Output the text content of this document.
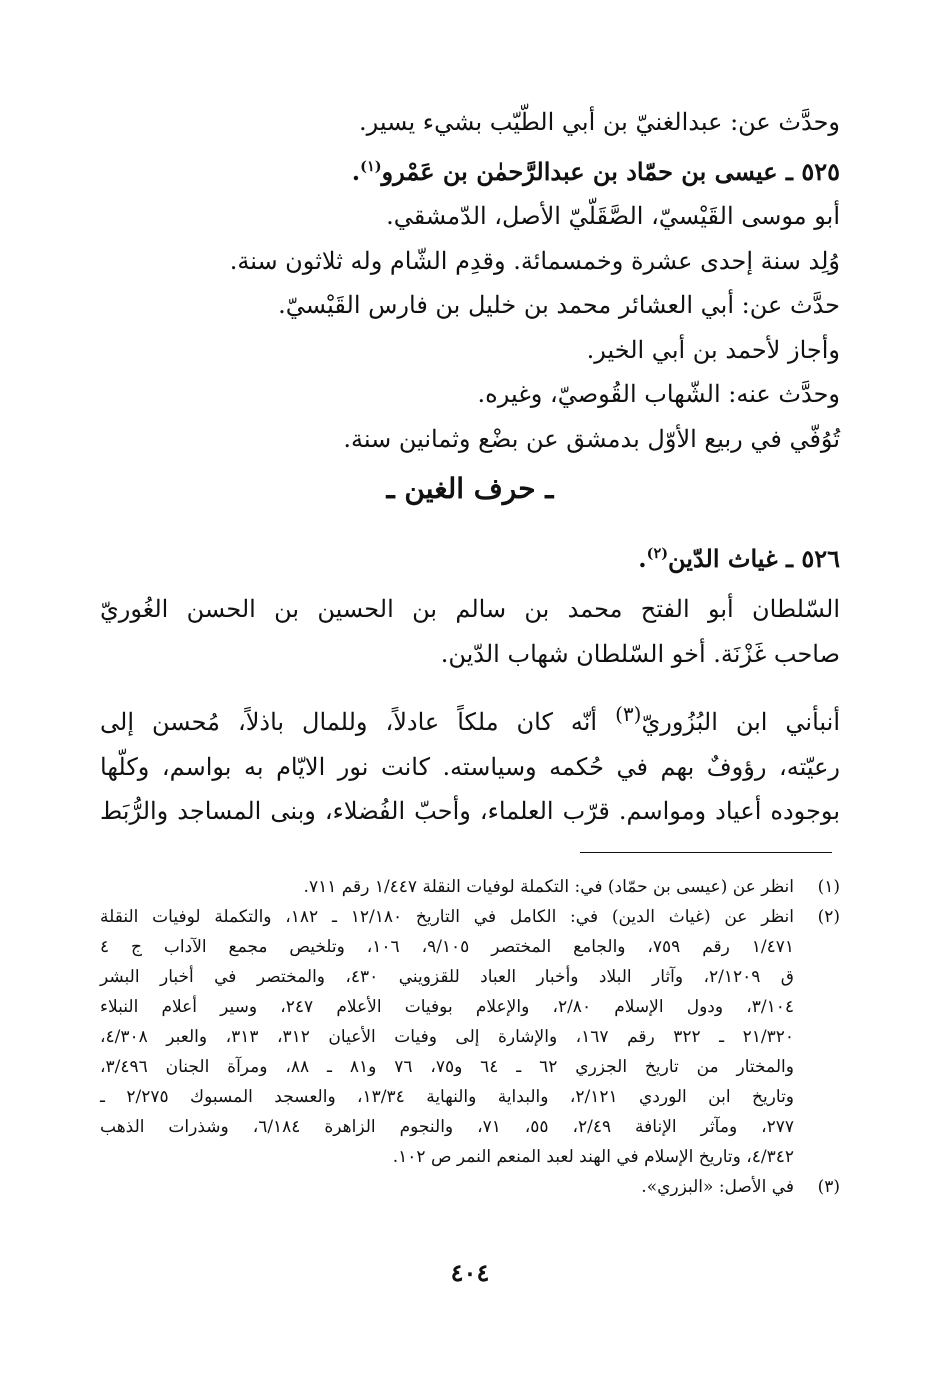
وحدَّث عن: عبدالغنيّ بن أبي الطّيّب بشيء يسير.
٥٢٥ ـ عيسى بن حمّاد بن عبدالرَّحمٰن بن عَمْرو$^{(١)}$.
أبو موسى القَيْسيّ، الصَّقَلّيّ الأصل، الدّمشقي.
وُلِد سنة إحدى عشرة وخمسمائة. وقدِم الشّام وله ثلاثون سنة.
حدَّث عن: أبي العشائر محمد بن خليل بن فارس القَيْسيّ.
وأجاز لأحمد بن أبي الخير.
وحدَّث عنه: الشّهاب القُوصيّ، وغيره.
تُوُفّي في ربيع الأوّل بدمشق عن بضْع وثمانين سنة.
ـ حرف الغين ـ
٥٢٦ ـ غياث الدّين$^{(٢)}$.
السّلطان أبو الفتح محمد بن سالم بن الحسين بن الحسن الغُوريّ
صاحب غَزْنَة. أخو السّلطان شهاب الدّين.
أنبأني ابن البُزُوريّ$^{(٣)}$ أنّه كان ملكاً عادلاً، وللمال باذلاً، مُحسن إلى
رعيّته، رؤوفٌ بهم في حُكمه وسياسته. كانت نور الايّام به بواسم، وكلّها
بوجوده أعياد ومواسم. قرّب العلماء، وأحبّ الفُضلاء، وبنى المساجد والرُّبَط
(١)
انظر عن (عيسى بن حمّاد) في: التكملة لوفيات النقلة ١/٤٤٧ رقم ٧١١.
(٢)
انظر عن (غياث الدين) في: الكامل في التاريخ ١٢/١٨٠ ـ ١٨٢، والتكملة لوفيات النقلة
١/٤٧١ رقم ٧٥٩، والجامع المختصر ٩/١٠٥، ١٠٦، وتلخيص مجمع الآداب ج ٤
ق ٢/١٢٠٩، وآثار البلاد وأخبار العباد للقزويني ٤٣٠، والمختصر في أخبار البشر
٣/١٠٤، ودول الإسلام ٢/٨٠، والإعلام بوفيات الأعلام ٢٤٧، وسير أعلام النبلاء
٢١/٣٢٠ ـ ٣٢٢ رقم ١٦٧، والإشارة إلى وفيات الأعيان ٣١٢، ٣١٣، والعبر ٤/٣٠٨،
والمختار من تاريخ الجزري ٦٢ ـ ٦٤ و٧٥، ٧٦ و٨١ ـ ٨٨، ومرآة الجنان ٣/٤٩٦،
وتاريخ ابن الوردي ٢/١٢١، والبداية والنهاية ١٣/٣٤، والعسجد المسبوك ٢/٢٧٥ ـ
٢٧٧، ومآثر الإنافة ٢/٤٩، ٥٥، ٧١، والنجوم الزاهرة ٦/١٨٤، وشذرات الذهب
٤/٣٤٢، وتاريخ الإسلام في الهند لعبد المنعم النمر ص ١٠٢.
(٣)
في الأصل: «البزري».
٤٠٤
